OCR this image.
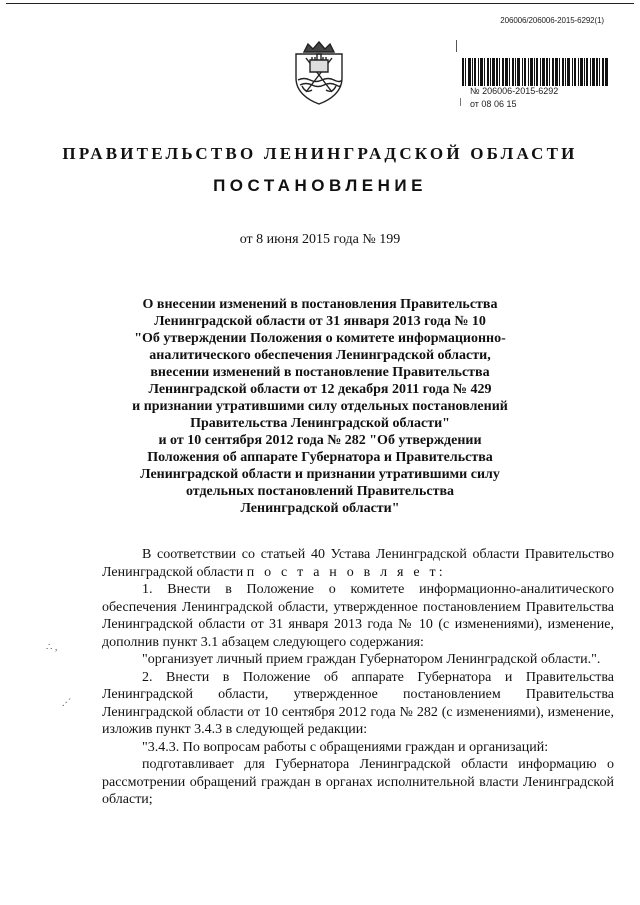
206006/206006-2015-6292(1)
№ 206006-2015-6292
от 08 06 15
ПРАВИТЕЛЬСТВО ЛЕНИНГРАДСКОЙ ОБЛАСТИ
ПОСТАНОВЛЕНИЕ
от 8 июня 2015 года № 199
О внесении изменений в постановления Правительства
Ленинградской области от 31 января 2013 года № 10
"Об утверждении Положения о комитете информационно-
аналитического обеспечения Ленинградской области,
внесении изменений в постановление Правительства
Ленинградской области от 12 декабря 2011 года № 429
и признании утратившими силу отдельных постановлений
Правительства Ленинградской области"
и от 10 сентября 2012 года № 282 "Об утверждении
Положения об аппарате Губернатора и Правительства
Ленинградской области и признании утратившими силу
отдельных постановлений Правительства
Ленинградской области"

В соответствии со статьей 40 Устава Ленинградской области Правительство Ленинградской области п о с т а н о в л я е т:

1. Внести в Положение о комитете информационно-аналитического обеспечения Ленинградской области, утвержденное постановлением Правительства Ленинградской области от 31 января 2013 года № 10 (с изменениями), изменение, дополнив пункт 3.1 абзацем следующего содержания:

"организует личный прием граждан Губернатором Ленинградской области.".

2. Внести в Положение об аппарате Губернатора и Правительства Ленинградской области, утвержденное постановлением Правительства Ленинградской области от 10 сентября 2012 года № 282 (с изменениями), изменение, изложив пункт 3.4.3 в следующей редакции:

"3.4.3. По вопросам работы с обращениями граждан и организаций:

подготавливает для Губернатора Ленинградской области информацию о рассмотрении обращений граждан в органах исполнительной власти Ленинградской области;

∴ ,
.·´
